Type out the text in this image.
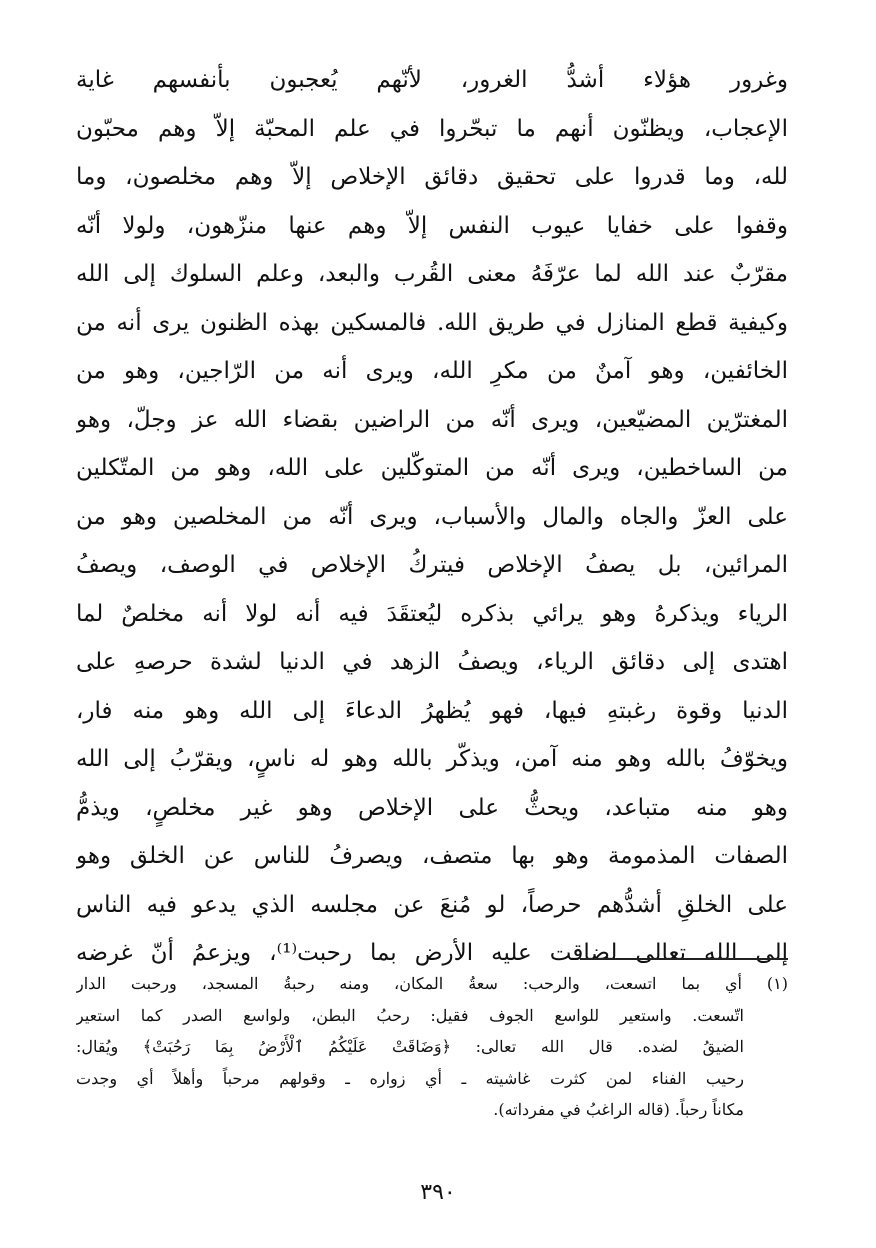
وغرور هؤلاء أشدُّ الغرور، لأنّهم يُعجبون بأنفسهم غاية
الإعجاب، ويظنّون أنهم ما تبحّروا في علم المحبّة إلاّ وهم محبّون
لله، وما قدروا على تحقيق دقائق الإخلاص إلاّ وهم مخلصون، وما
وقفوا على خفايا عيوب النفس إلاّ وهم عنها منزّهون، ولولا أنّه
مقرّبٌ عند الله لما عرّفَهُ معنى القُرب والبعد، وعلم السلوك إلى الله
وكيفية قطع المنازل في طريق الله. فالمسكين بهذه الظنون يرى أنه من
الخائفين، وهو آمنٌ من مكرِ الله، ويرى أنه من الرّاجين، وهو من
المغترّين المضيّعين، ويرى أنّه من الراضين بقضاء الله عز وجلّ، وهو
من الساخطين، ويرى أنّه من المتوكّلين على الله، وهو من المتّكلين
على العزّ والجاه والمال والأسباب، ويرى أنّه من المخلصين وهو من
المرائين، بل يصفُ الإخلاص فيتركُ الإخلاص في الوصف، ويصفُ
الرياء ويذكرهُ وهو يرائي بذكره ليُعتقَدَ فيه أنه لولا أنه مخلصٌ لما
اهتدى إلى دقائق الرياء، ويصفُ الزهد في الدنيا لشدة حرصهِ على
الدنيا وقوة رغبتهِ فيها، فهو يُظهرُ الدعاءَ إلى الله وهو منه فار،
ويخوّفُ بالله وهو منه آمن، ويذكّر بالله وهو له ناسٍ، ويقرّبُ إلى الله
وهو منه متباعد، ويحثُّ على الإخلاص وهو غير مخلصٍ، ويذمُّ
الصفات المذمومة وهو بها متصف، ويصرفُ للناس عن الخلق وهو
على الخلقِ أشدُّهم حرصاً، لو مُنعَ عن مجلسه الذي يدعو فيه الناس
إلى الله تعالى لضاقت عليه الأرض بما رحبت⁽¹⁾، ويزعمُ أنّ غرضه
(١) أي بما اتسعت، والرحب: سعةُ المكان، ومنه رحبةُ المسجد، ورحبت الدار
اتّسعت. واستعير للواسع الجوف فقيل: رحبُ البطن، ولواسع الصدر كما استعير
الضيقُ لضده. قال الله تعالى: ﴿وَضَاقَتْ عَلَيْكُمُ ٱلْأَرْضُ بِمَا رَحُبَتْ﴾ ويُقال:
رحيب الفناء لمن كثرت غاشيته ـ أي زواره ـ وقولهم مرحباً وأهلاً أي وجدت
مكاناً رحباً. (قاله الراغبُ في مفرداته).
٣٩٠
